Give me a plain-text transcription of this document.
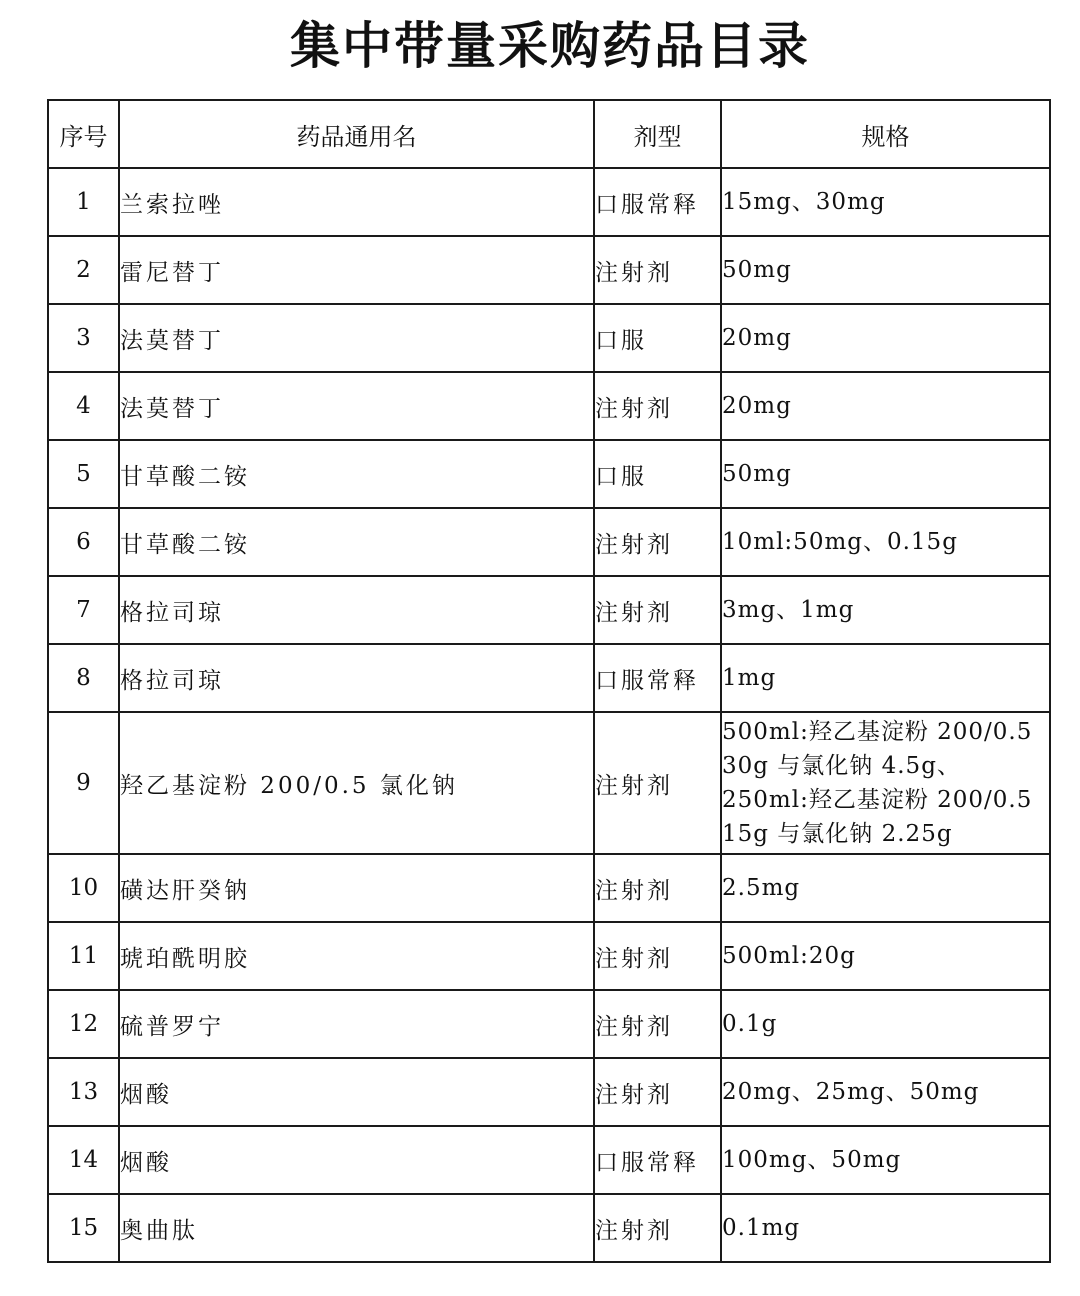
集中带量采购药品目录
序号	药品通用名	剂型	规格
1	兰索拉唑	口服常释	15mg、30mg
2	雷尼替丁	注射剂	50mg
3	法莫替丁	口服	20mg
4	法莫替丁	注射剂	20mg
5	甘草酸二铵	口服	50mg
6	甘草酸二铵	注射剂	10ml:50mg、0.15g
7	格拉司琼	注射剂	3mg、1mg
8	格拉司琼	口服常释	1mg
9	羟乙基淀粉 200/0.5 氯化钠	注射剂	500ml:羟乙基淀粉 200/0.5 30g 与氯化钠 4.5g、250ml:羟乙基淀粉 200/0.5 15g 与氯化钠 2.25g
10	磺达肝癸钠	注射剂	2.5mg
11	琥珀酰明胶	注射剂	500ml:20g
12	硫普罗宁	注射剂	0.1g
13	烟酸	注射剂	20mg、25mg、50mg
14	烟酸	口服常释	100mg、50mg
15	奥曲肽	注射剂	0.1mg
